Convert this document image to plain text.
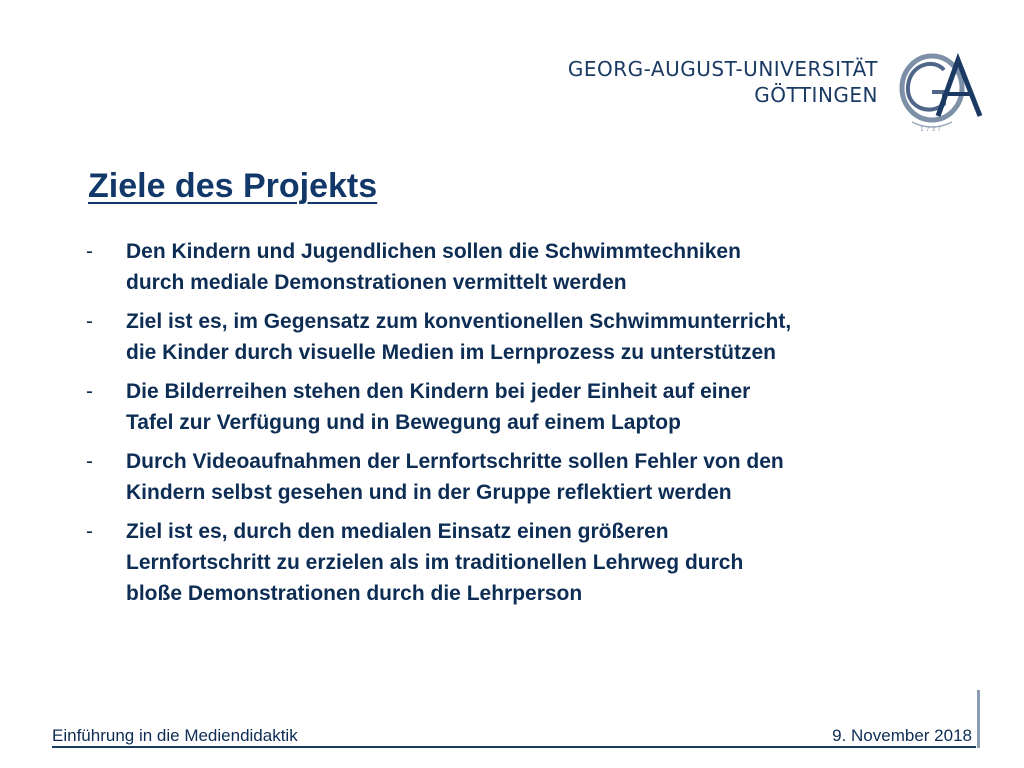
GEORG-AUGUST-UNIVERSITÄT
GÖTTINGEN
1 7 3 7
Ziele des Projekts
-	Den Kindern und Jugendlichen sollen die Schwimmtechniken
durch mediale Demonstrationen vermittelt werden
-	Ziel ist es, im Gegensatz zum konventionellen Schwimmunterricht,
die Kinder durch visuelle Medien im Lernprozess zu unterstützen
-	Die Bilderreihen stehen den Kindern bei jeder Einheit auf einer
Tafel zur Verfügung und in Bewegung auf einem Laptop
-	Durch Videoaufnahmen der Lernfortschritte sollen Fehler von den
Kindern selbst gesehen und in der Gruppe reflektiert werden
-	Ziel ist es, durch den medialen Einsatz einen größeren
Lernfortschritt zu erzielen als im traditionellen Lehrweg durch
bloße Demonstrationen durch die Lehrperson
Einführung in die Mediendidaktik	9. November 2018
